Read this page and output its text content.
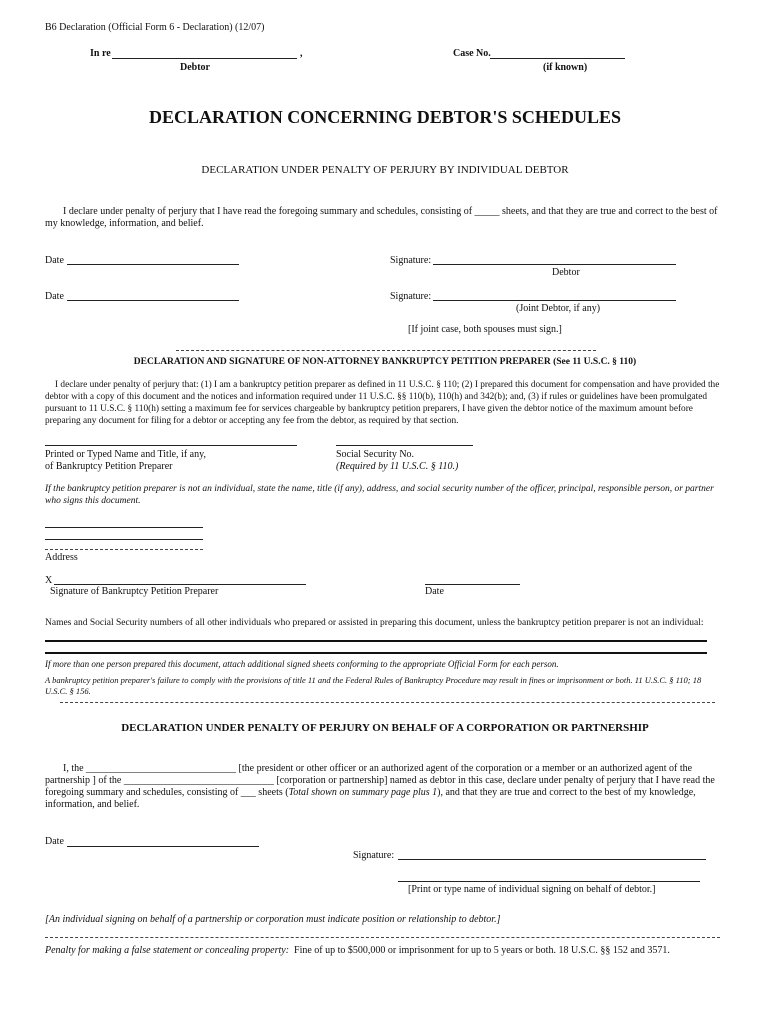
B6 Declaration (Official Form 6 - Declaration) (12/07)
In re	,
Debtor
Case No.
(if known)
DECLARATION CONCERNING DEBTOR'S SCHEDULES
DECLARATION UNDER PENALTY OF PERJURY BY INDIVIDUAL DEBTOR
I declare under penalty of perjury that I have read the foregoing summary and schedules, consisting of _____ sheets, and that they are true and correct to the best of my knowledge, information, and belief.
Date	Signature:
Debtor
Date	Signature:
(Joint Debtor, if any)
[If joint case, both spouses must sign.]
DECLARATION AND SIGNATURE OF NON-ATTORNEY BANKRUPTCY PETITION PREPARER (See 11 U.S.C. § 110)
I declare under penalty of perjury that: (1) I am a bankruptcy petition preparer as defined in 11 U.S.C. § 110; (2) I prepared this document for compensation and have provided the debtor with a copy of this document and the notices and information required under 11 U.S.C. §§ 110(b), 110(h) and 342(b); and, (3) if rules or guidelines have been promulgated pursuant to 11 U.S.C. § 110(h) setting a maximum fee for services chargeable by bankruptcy petition preparers, I have given the debtor notice of the maximum amount before preparing any document for filing for a debtor or accepting any fee from the debtor, as required by that section.
Printed or Typed Name and Title, if any,
of Bankruptcy Petition Preparer
Social Security No.
(Required by 11 U.S.C. § 110.)
If the bankruptcy petition preparer is not an individual, state the name, title (if any), address, and social security number of the officer, principal, responsible person, or partner who signs this document.
Address
X
Signature of Bankruptcy Petition Preparer	Date
Names and Social Security numbers of all other individuals who prepared or assisted in preparing this document, unless the bankruptcy petition preparer is not an individual:
If more than one person prepared this document, attach additional signed sheets conforming to the appropriate Official Form for each person.
A bankruptcy petition preparer's failure to comply with the provisions of title 11 and the Federal Rules of Bankruptcy Procedure may result in fines or imprisonment or both. 11 U.S.C. § 110; 18 U.S.C. § 156.
DECLARATION UNDER PENALTY OF PERJURY ON BEHALF OF A CORPORATION OR PARTNERSHIP
I, the ______________________________ [the president or other officer or an authorized agent of the corporation or a member or an authorized agent of the partnership ] of the ______________________________ [corporation or partnership] named as debtor in this case, declare under penalty of perjury that I have read the foregoing summary and schedules, consisting of ___ sheets (Total shown on summary page plus 1), and that they are true and correct to the best of my knowledge, information, and belief.
Date
Signature:
[Print or type name of individual signing on behalf of debtor.]
[An individual signing on behalf of a partnership or corporation must indicate position or relationship to debtor.]
Penalty for making a false statement or concealing property: Fine of up to $500,000 or imprisonment for up to 5 years or both. 18 U.S.C. §§ 152 and 3571.
